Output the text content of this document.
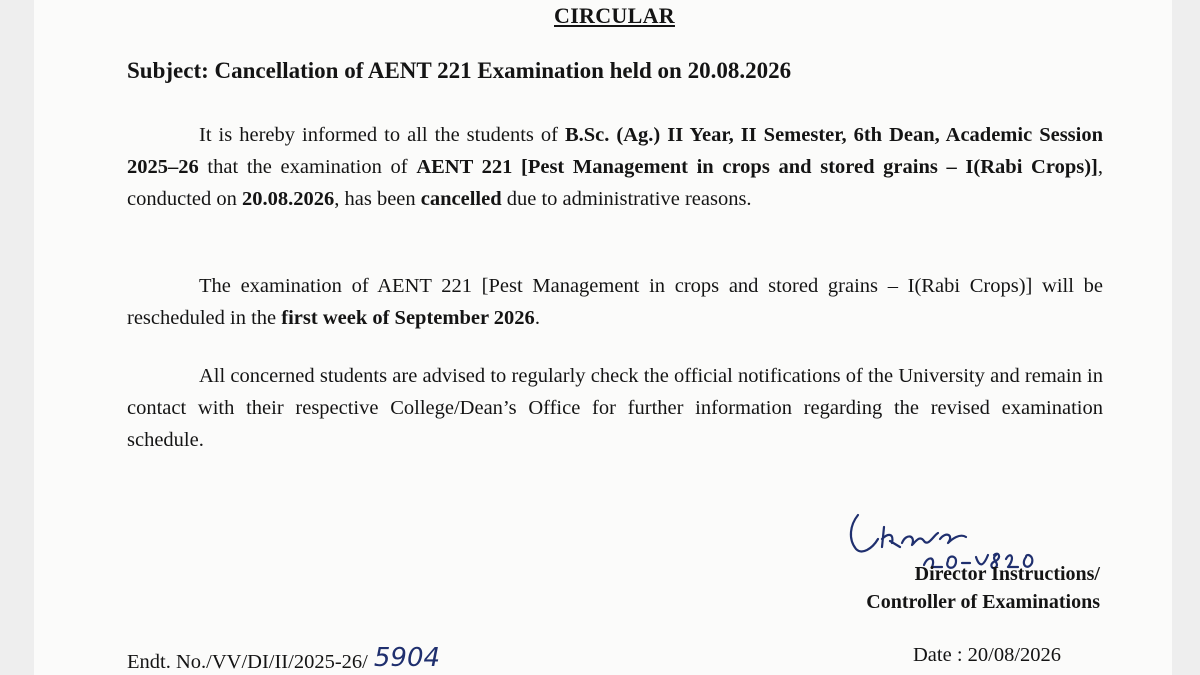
CIRCULAR
Subject: Cancellation of AENT 221 Examination held on 20.08.2026

It is hereby informed to all the students of B.Sc. (Ag.) II Year, II Semester, 6th Dean, Academic Session 2025–26 that the examination of AENT 221 [Pest Management in crops and stored grains – I(Rabi Crops)], conducted on 20.08.2026, has been cancelled due to administrative reasons.

The examination of AENT 221 [Pest Management in crops and stored grains – I(Rabi Crops)] will be rescheduled in the first week of September 2026.

All concerned students are advised to regularly check the official notifications of the University and remain in contact with their respective College/Dean’s Office for further information regarding the revised examination schedule.

Director Instructions/
Controller of Examinations
Endt. No./VV/DI/II/2025-26/ 5904	Date : 20/08/2026
